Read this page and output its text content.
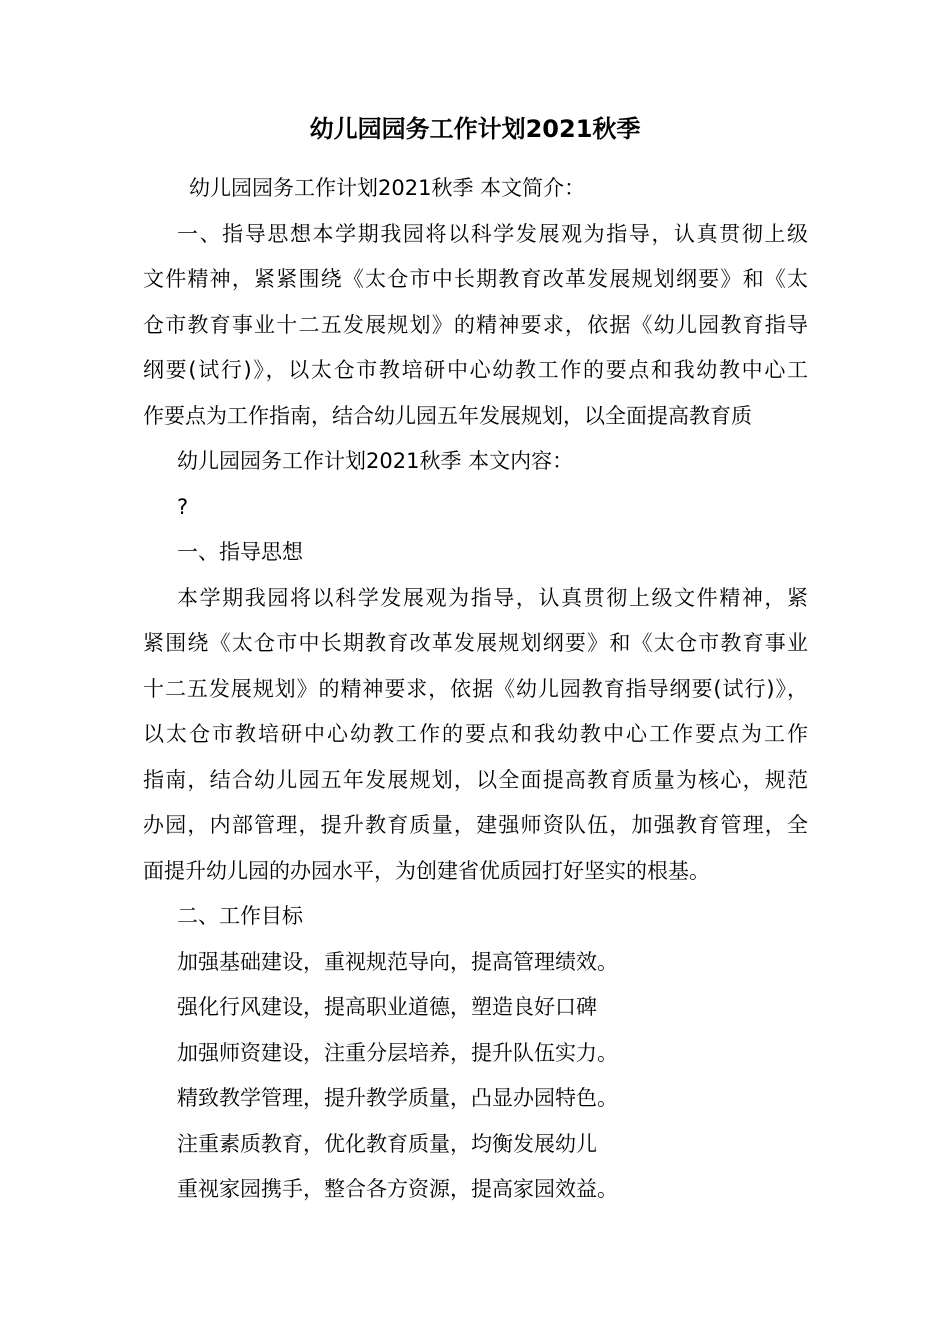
幼儿园园务工作计划2021秋季

幼儿园园务工作计划2021秋季 本文简介：

一、指导思想本学期我园将以科学发展观为指导，认真贯彻上级

文件精神，紧紧围绕《太仓市中长期教育改革发展规划纲要》和《太

仓市教育事业十二五发展规划》的精神要求，依据《幼儿园教育指导

纲要(试行)》，以太仓市教培研中心幼教工作的要点和我幼教中心工

作要点为工作指南，结合幼儿园五年发展规划，以全面提高教育质

幼儿园园务工作计划2021秋季 本文内容：

?

一、指导思想

本学期我园将以科学发展观为指导，认真贯彻上级文件精神，紧

紧围绕《太仓市中长期教育改革发展规划纲要》和《太仓市教育事业

十二五发展规划》的精神要求，依据《幼儿园教育指导纲要(试行)》，

以太仓市教培研中心幼教工作的要点和我幼教中心工作要点为工作

指南，结合幼儿园五年发展规划，以全面提高教育质量为核心，规范

办园，内部管理，提升教育质量，建强师资队伍，加强教育管理，全

面提升幼儿园的办园水平，为创建省优质园打好坚实的根基。

二、工作目标

加强基础建设，重视规范导向，提高管理绩效。

强化行风建设，提高职业道德，塑造良好口碑

加强师资建设，注重分层培养，提升队伍实力。

精致教学管理，提升教学质量，凸显办园特色。

注重素质教育，优化教育质量，均衡发展幼儿

重视家园携手，整合各方资源，提高家园效益。
